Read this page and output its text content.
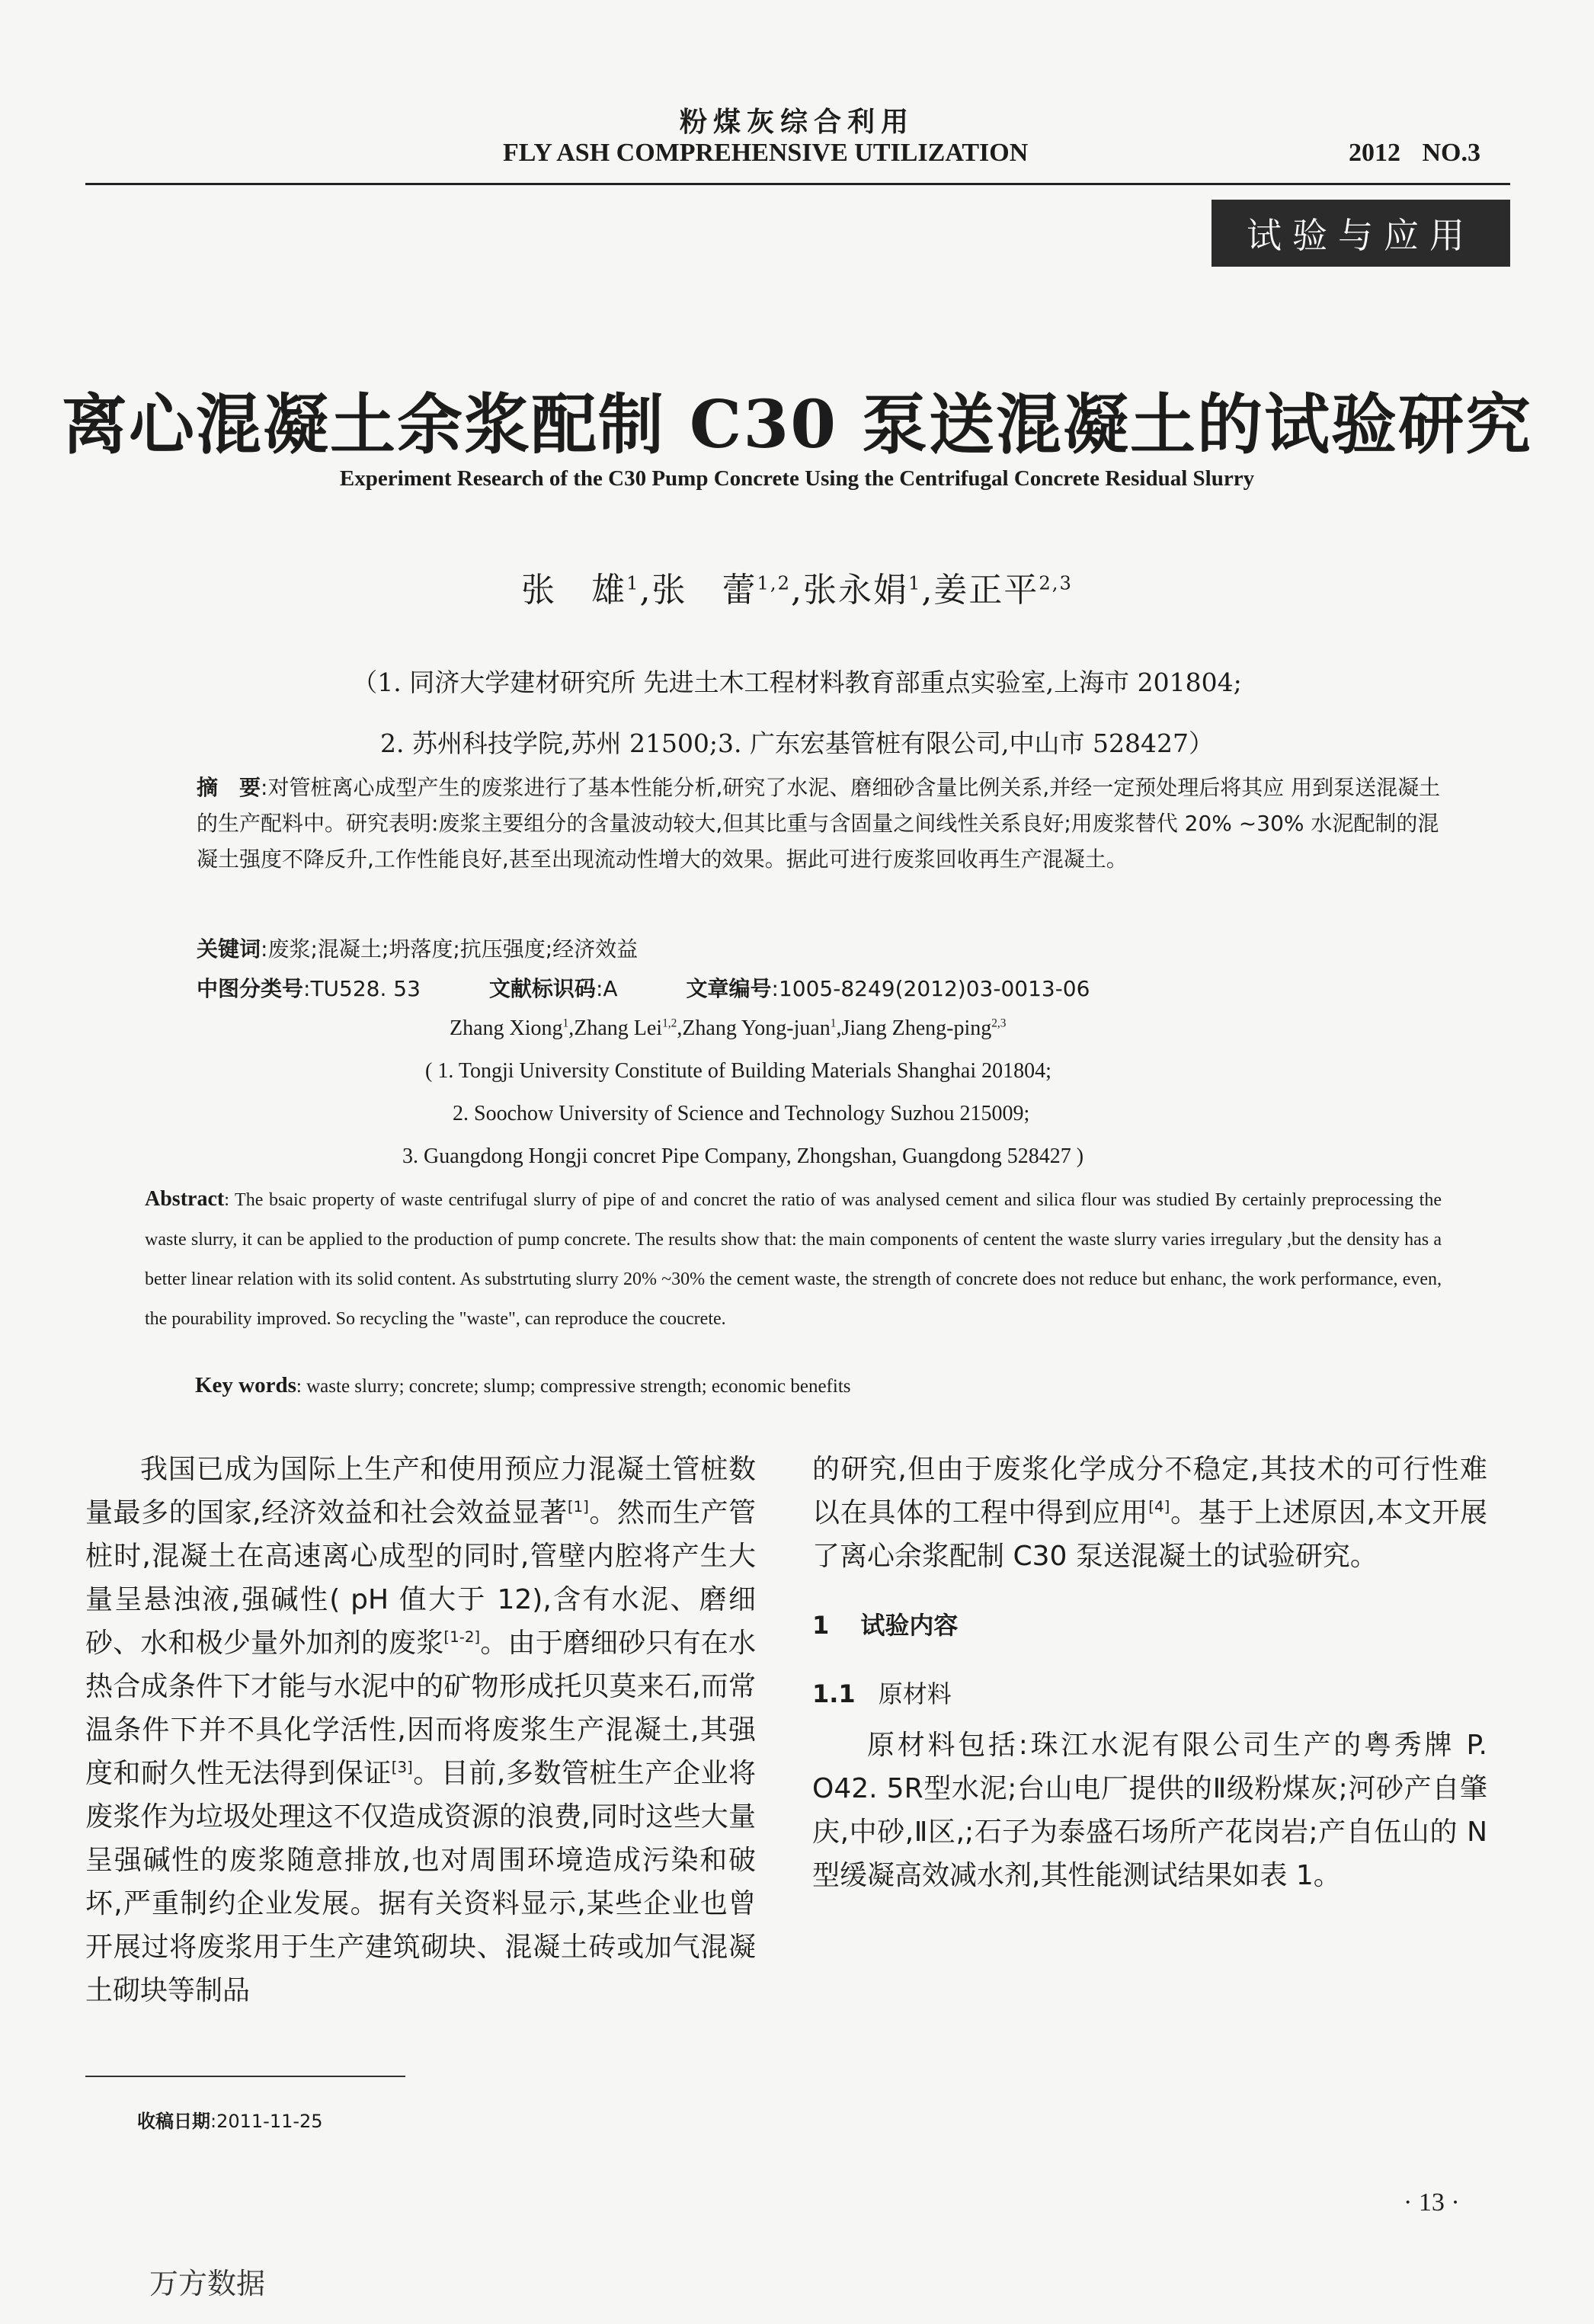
粉煤灰综合利用
FLY ASH COMPREHENSIVE UTILIZATION	2012 NO.3
试验与应用
离心混凝土余浆配制 C30 泵送混凝土的试验研究
Experiment Research of the C30 Pump Concrete Using the Centrifugal Concrete Residual Slurry
张　雄$^1$,张　蕾$^{1,2}$,张永娟$^1$,姜正平$^{2,3}$
（1. 同济大学建材研究所 先进土木工程材料教育部重点实验室,上海市 201804;
2. 苏州科技学院,苏州 21500;3. 广东宏基管桩有限公司,中山市 528427）
摘　要:对管桩离心成型产生的废浆进行了基本性能分析,研究了水泥、磨细砂含量比例关系,并经一定预处理后将其应 用到泵送混凝土的生产配料中。研究表明:废浆主要组分的含量波动较大,但其比重与含固量之间线性关系良好;用废浆替代 20% ~30% 水泥配制的混凝土强度不降反升,工作性能良好,甚至出现流动性增大的效果。据此可进行废浆回收再生产混凝土。
关键词:废浆;混凝土;坍落度;抗压强度;经济效益
中图分类号:TU528. 53	文献标识码:A	文章编号:1005-8249(2012)03-0013-06
Zhang Xiong$^1$,Zhang Lei$^{1,2}$,Zhang Yong-juan$^1$,Jiang Zheng-ping$^{2,3}$
( 1. Tongji University Constitute of Building Materials Shanghai 201804;
2. Soochow University of Science and Technology Suzhou 215009;
3. Guangdong Hongji concret Pipe Company, Zhongshan, Guangdong 528427 )
Abstract: The bsaic property of waste centrifugal slurry of pipe of and concret the ratio of was analysed cement and silica flour was studied By certainly preprocessing the waste slurry, it can be applied to the production of pump concrete. The results show that: the main components of centent the waste slurry varies irregulary ,but the density has a better linear relation with its solid content. As substrtuting slurry 20% ~30% the cement waste, the strength of concrete does not reduce but enhanc, the work performance, even, the pourability improved. So recycling the "waste", can reproduce the coucrete.
Key words: waste slurry; concrete; slump; compressive strength; economic benefits
我国已成为国际上生产和使用预应力混凝土管桩数量最多的国家,经济效益和社会效益显著[1]。然而生产管桩时,混凝土在高速离心成型的同时,管壁内腔将产生大量呈悬浊液,强碱性( pH 值大于 12),含有水泥、磨细砂、水和极少量外加剂的废浆[1-2]。由于磨细砂只有在水热合成条件下才能与水泥中的矿物形成托贝莫来石,而常温条件下并不具化学活性,因而将废浆生产混凝土,其强度和耐久性无法得到保证[3]。目前,多数管桩生产企业将废浆作为垃圾处理这不仅造成资源的浪费,同时这些大量呈强碱性的废浆随意排放,也对周围环境造成污染和破坏,严重制约企业发展。据有关资料显示,某些企业也曾开展过将废浆用于生产建筑砌块、混凝土砖或加气混凝土砌块等制品
的研究,但由于废浆化学成分不稳定,其技术的可行性难以在具体的工程中得到应用[4]。基于上述原因,本文开展了离心余浆配制 C30 泵送混凝土的试验研究。
1 试验内容
1.1 原材料
原材料包括:珠江水泥有限公司生产的粤秀牌 P. O42. 5R型水泥;台山电厂提供的Ⅱ级粉煤灰;河砂产自肇庆,中砂,Ⅱ区,;石子为泰盛石场所产花岗岩;产自伍山的 N 型缓凝高效减水剂,其性能测试结果如表 1。
收稿日期:2011-11-25
· 13 ·
万方数据
